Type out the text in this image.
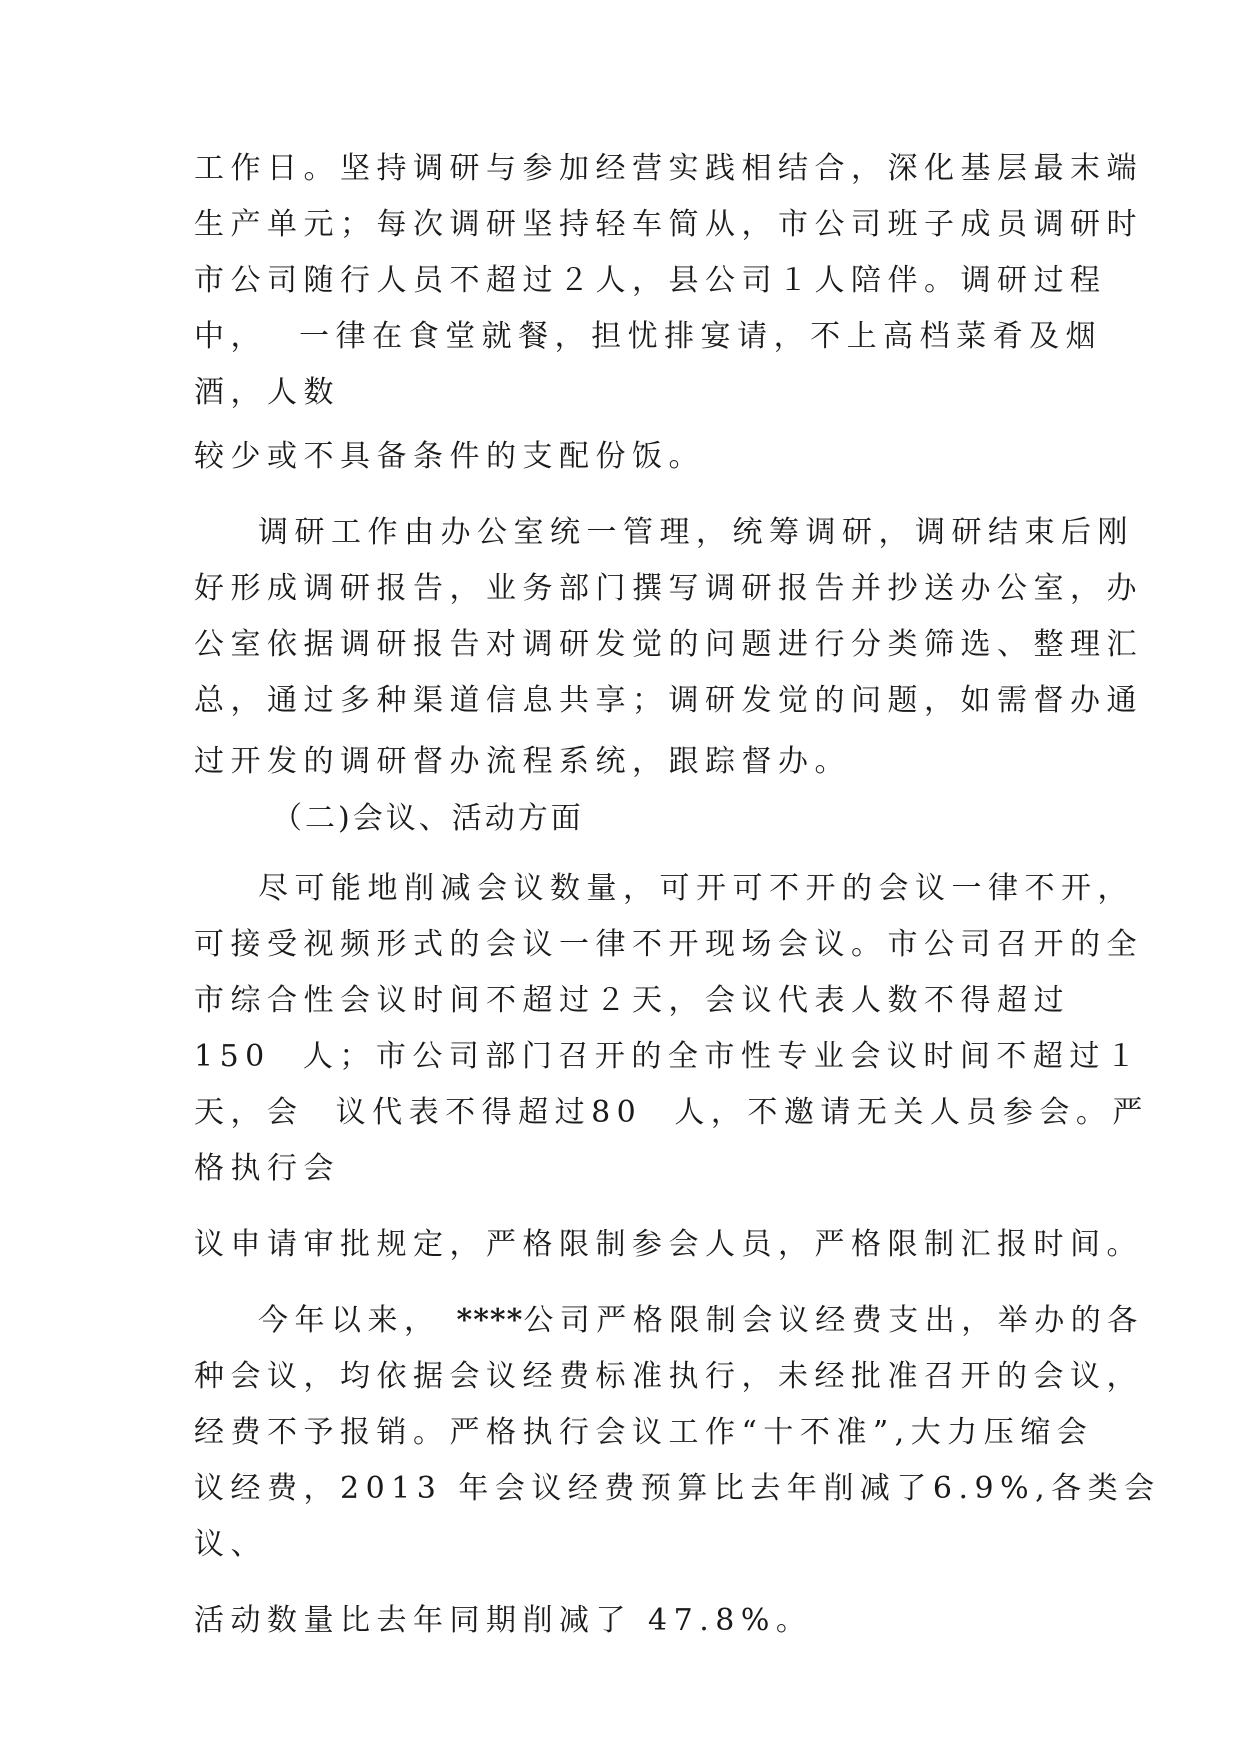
工作日。坚持调研与参加经营实践相结合，深化基层最末端

生产单元；每次调研坚持轻车简从，市公司班子成员调研时

市公司随行人员不超过２人，县公司１人陪伴。调研过程

中，  一律在食堂就餐，担忧排宴请，不上高档菜肴及烟

酒，人数

较少或不具备条件的支配份饭。

调研工作由办公室统一管理，统筹调研，调研结束后刚

好形成调研报告，业务部门撰写调研报告并抄送办公室，办

公室依据调研报告对调研发觉的问题进行分类筛选、整理汇

总，通过多种渠道信息共享；调研发觉的问题，如需督办通

过开发的调研督办流程系统，跟踪督办。

（二)会议、活动方面

尽可能地削减会议数量，可开可不开的会议一律不开，

可接受视频形式的会议一律不开现场会议。市公司召开的全

市综合性会议时间不超过２天，会议代表人数不得超过

150  人；市公司部门召开的全市性专业会议时间不超过１

天，会  议代表不得超过80  人，不邀请无关人员参会。严

格执行会

议申请审批规定，严格限制参会人员，严格限制汇报时间。

今年以来， ****公司严格限制会议经费支出，举办的各

种会议，均依据会议经费标准执行，未经批准召开的会议，

经费不予报销。严格执行会议工作“十不准”,大力压缩会

议经费，2013 年会议经费预算比去年削减了6.9%,各类会

议、

活动数量比去年同期削减了 47.8%。
